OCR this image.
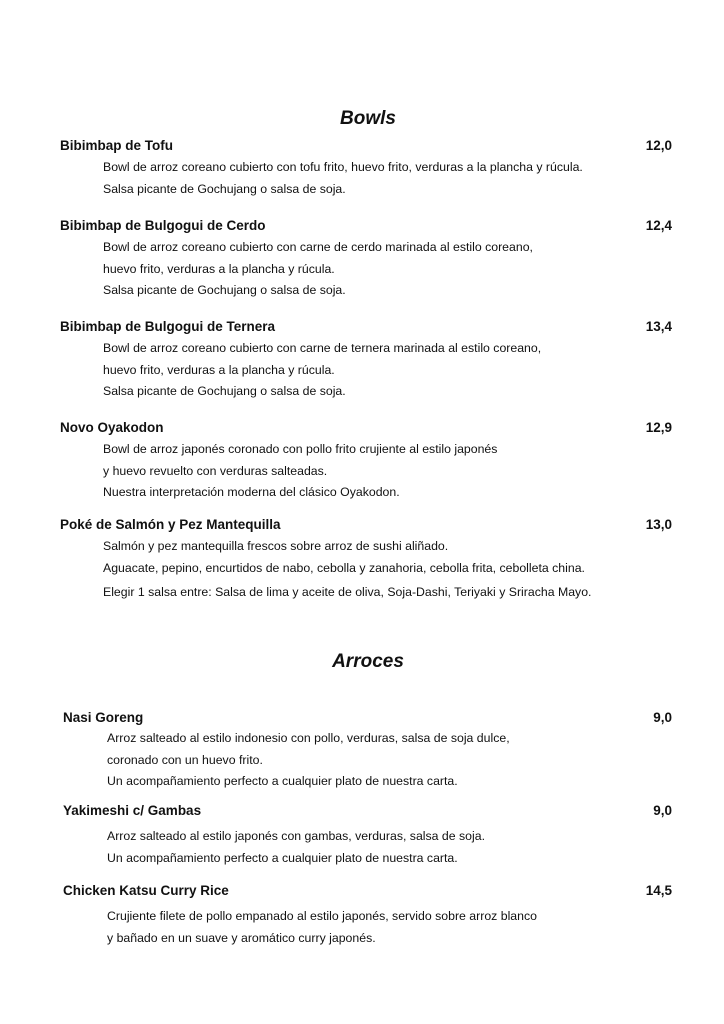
Bowls
Bibimbap de Tofu	12,0
Bowl de arroz coreano cubierto con tofu frito, huevo frito, verduras a la plancha y rúcula.
Salsa picante de Gochujang o salsa de soja.
Bibimbap de Bulgogui de Cerdo	12,4
Bowl de arroz coreano cubierto con carne de cerdo marinada al estilo coreano,
huevo frito, verduras a la plancha y rúcula.
Salsa picante de Gochujang o salsa de soja.
Bibimbap de Bulgogui de Ternera	13,4
Bowl de arroz coreano cubierto con carne de ternera marinada al estilo coreano,
huevo frito, verduras a la plancha y rúcula.
Salsa picante de Gochujang o salsa de soja.
Novo Oyakodon	12,9
Bowl de arroz japonés coronado con pollo frito crujiente al estilo japonés
y huevo revuelto con verduras salteadas.
Nuestra interpretación moderna del clásico Oyakodon.
Poké de Salmón y Pez Mantequilla	13,0
Salmón y pez mantequilla frescos sobre arroz de sushi aliñado.
Aguacate, pepino, encurtidos de nabo, cebolla y zanahoria, cebolla frita, cebolleta china.
Elegir 1 salsa entre: Salsa de lima y aceite de oliva, Soja-Dashi, Teriyaki y Sriracha Mayo.
Arroces
Nasi Goreng	9,0
Arroz salteado al estilo indonesio con pollo, verduras, salsa de soja dulce,
coronado con un huevo frito.
Un acompañamiento perfecto a cualquier plato de nuestra carta.
Yakimeshi c/ Gambas	9,0
Arroz salteado al estilo japonés con gambas, verduras, salsa de soja.
Un acompañamiento perfecto a cualquier plato de nuestra carta.
Chicken Katsu Curry Rice	14,5
Crujiente filete de pollo empanado al estilo japonés, servido sobre arroz blanco
y bañado en un suave y aromático curry japonés.
